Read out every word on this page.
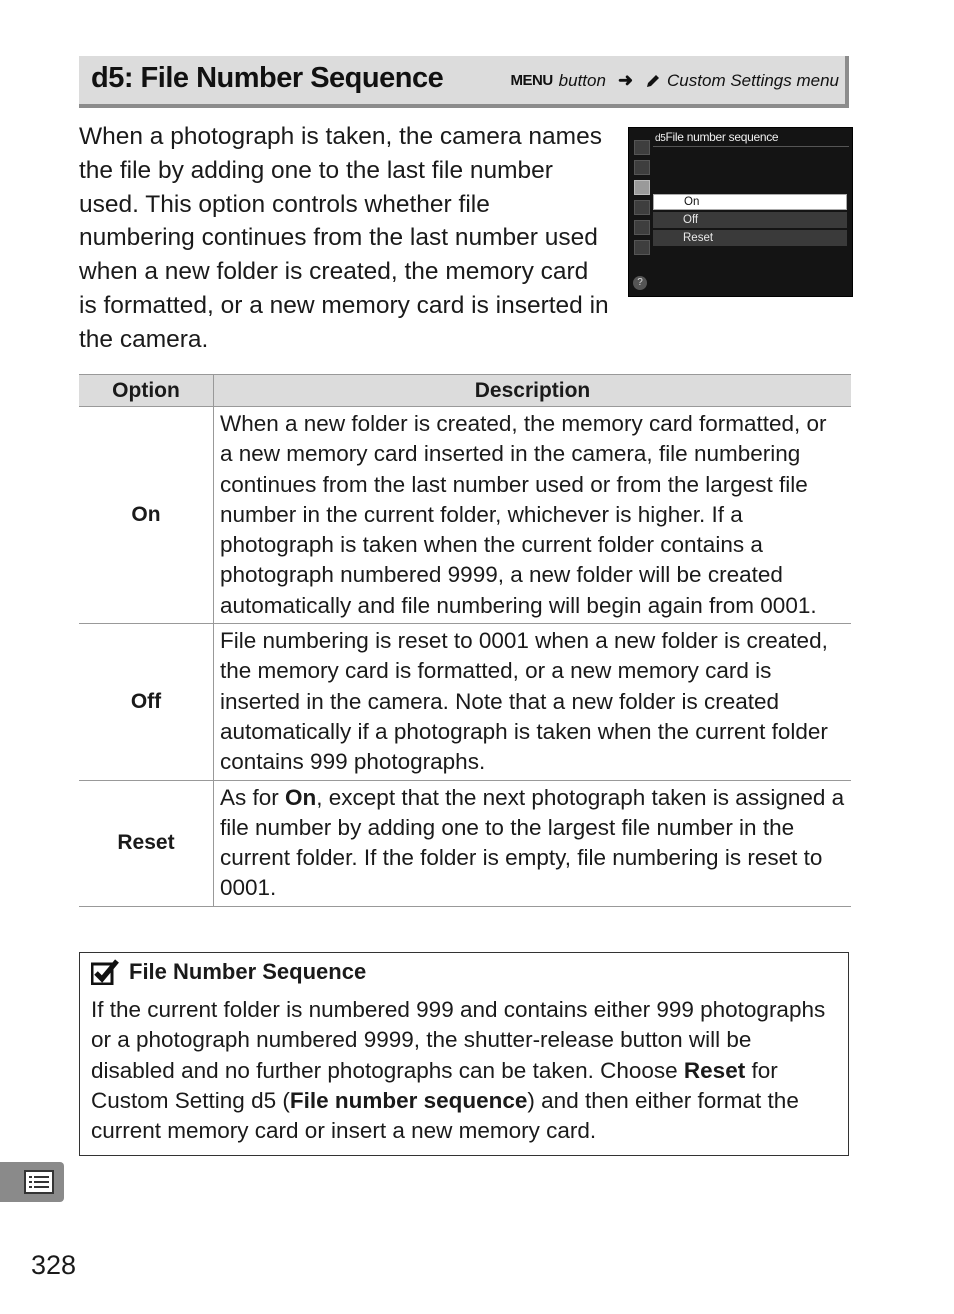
d5: File Number Sequence	MENU button ➜ Custom Settings menu

When a photograph is taken, the camera names the file by adding one to the last file number used. This option controls whether file numbering continues from the last number used when a new folder is created, the memory card is formatted, or a new memory card is inserted in the camera.

d5File number sequence
On
Off
Reset
?
Option	Description
On	When a new folder is created, the memory card formatted, or a new memory card inserted in the camera, file numbering continues from the last number used or from the largest file number in the current folder, whichever is higher. If a photograph is taken when the current folder contains a photograph numbered 9999, a new folder will be created automatically and file numbering will begin again from 0001.
Off	File numbering is reset to 0001 when a new folder is created, the memory card is formatted, or a new memory card is inserted in the camera. Note that a new folder is created automatically if a photograph is taken when the current folder contains 999 photographs.
Reset	As for On, except that the next photograph taken is assigned a file number by adding one to the largest file number in the current folder. If the folder is empty, file numbering is reset to 0001.
File Number Sequence

If the current folder is numbered 999 and contains either 999 photographs or a photograph numbered 9999, the shutter-release button will be disabled and no further photographs can be taken. Choose Reset for Custom Setting d5 (File number sequence) and then either format the current memory card or insert a new memory card.

328
